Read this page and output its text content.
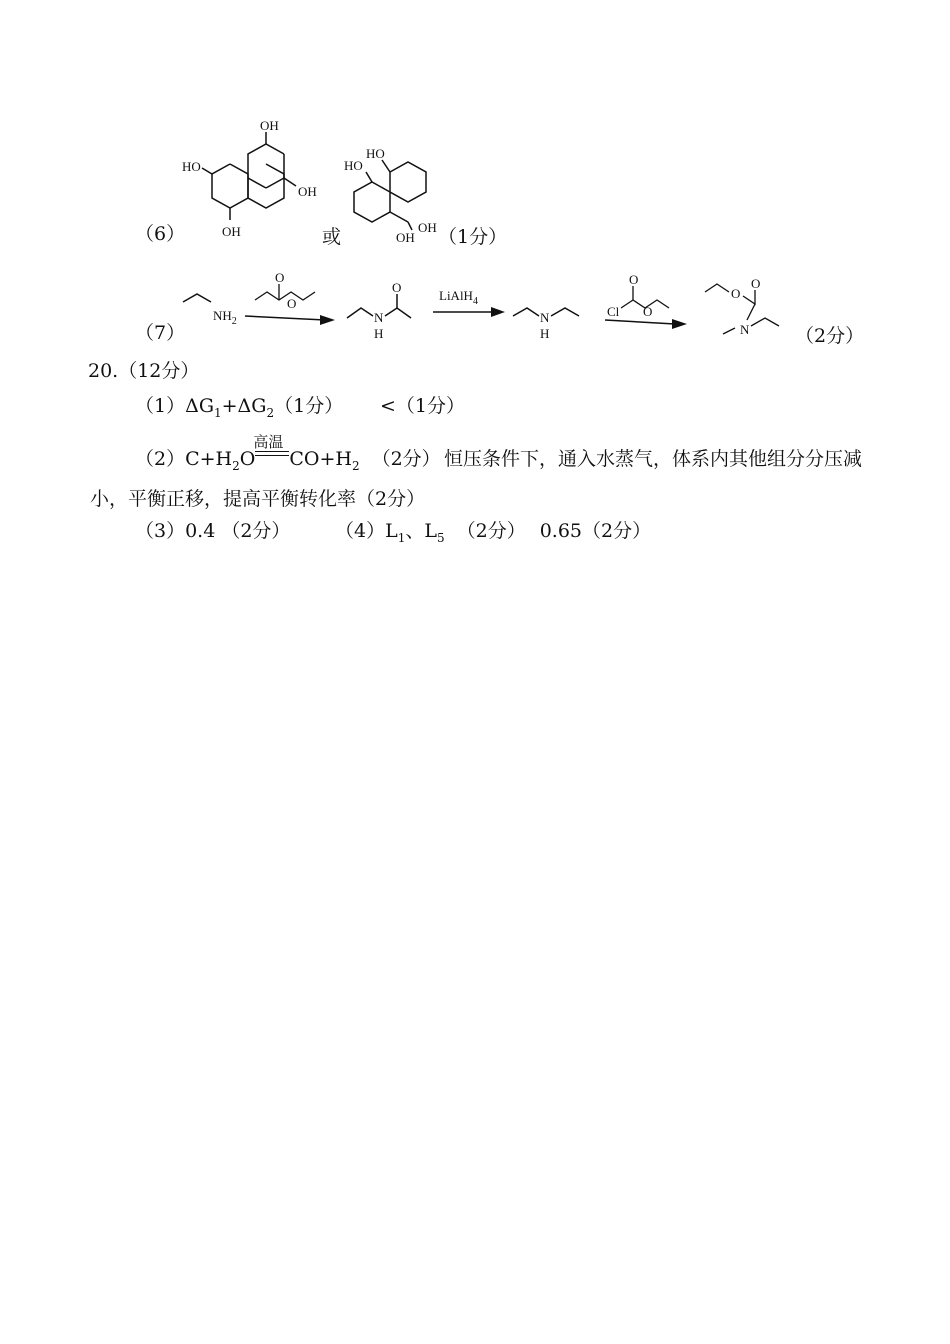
（6）
OH
HO
OH
OH	或
HO
HO
OH
OH （1分）
（7）
$NH_2$
O
O
O
N
H
LiAlH$_4$
N
H
Cl
O
O
O
O
N （2分）
20.（12分）
$(1)\Delta G_1+\Delta G_2(1$分） <（1分）
$(2)C+H_2O$
高温
$CO+H_2$ （2分） 恒压条件下，通入水蒸气，体系内其他组分分压减
小，平衡正移，提高平衡转化率（2分）
（3）0.4 （2分） $(4)L_1$、$L_5$ （2分） 0.65（2分）
